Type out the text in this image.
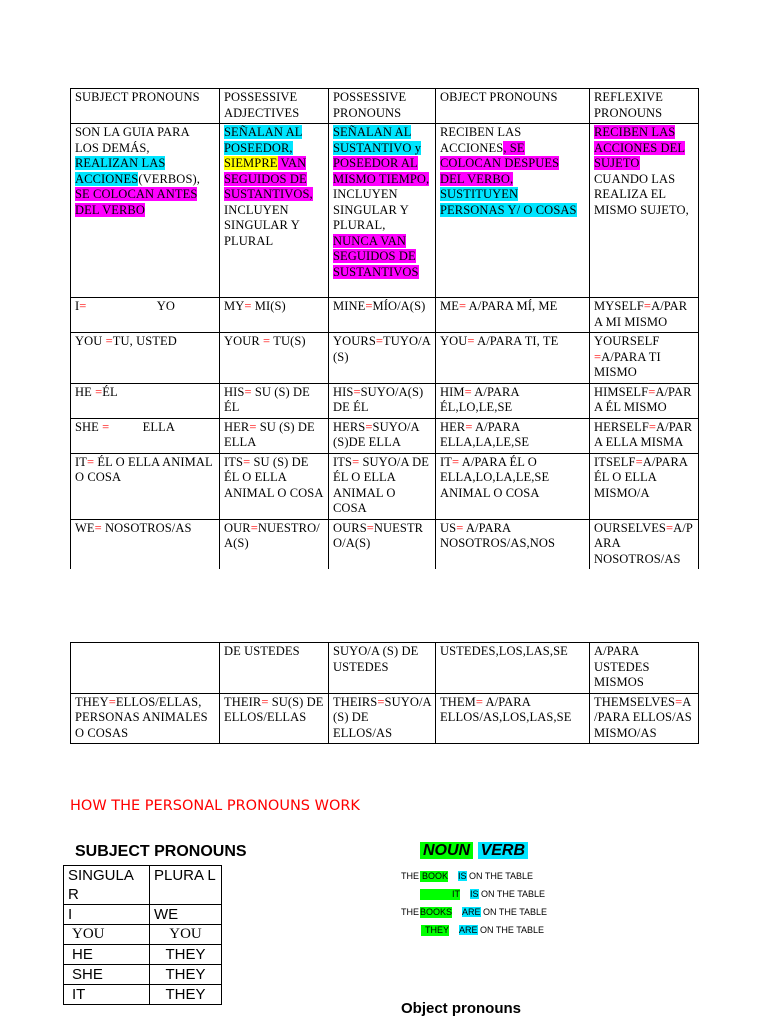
SUBJECT PRONOUNS	POSSESSIVE ADJECTIVES	POSSESSIVE PRONOUNS	OBJECT PRONOUNS	REFLEXIVE PRONOUNS
SON LA GUIA PARA LOS DEMÁS, REALIZAN LAS ACCIONES(VERBOS), SE COLOCAN ANTES DEL VERBO	SEÑALAN AL POSEEDOR, SIEMPRE VAN SEGUIDOS DE SUSTANTIVOS, INCLUYEN SINGULAR Y PLURAL	SEÑALAN AL SUSTANTIVO y POSEEDOR AL MISMO TIEMPO, INCLUYEN SINGULAR Y PLURAL, NUNCA VAN SEGUIDOS DE SUSTANTIVOS	RECIBEN LAS ACCIONES, SE COLOCAN DESPUES DEL VERBO, SUSTITUYEN PERSONAS Y/ O COSAS	RECIBEN LAS ACCIONES DEL SUJETO CUANDO LAS REALIZA EL MISMO SUJETO,
I= YO	MY= MI(S)	MINE=MÍO/A(S)	ME= A/PARA MÍ, ME	MYSELF=A/PARA MI MISMO
YOU =TU, USTED	YOUR = TU(S)	YOURS=TUYO/A(S)	YOU= A/PARA TI, TE	YOURSELF =A/PARA TI MISMO
HE =ÉL	HIS= SU (S) DE ÉL	HIS=SUYO/A(S) DE ÉL	HIM= A/PARA ÉL,LO,LE,SE	HIMSELF=A/PARA ÉL MISMO
SHE = ELLA	HER= SU (S) DE ELLA	HERS=SUYO/A (S)DE ELLA	HER= A/PARA ELLA,LA,LE,SE	HERSELF=A/PARA ELLA MISMA
IT= ÉL O ELLA ANIMAL O COSA	ITS= SU (S) DE ÉL O ELLA ANIMAL O COSA	ITS= SUYO/A DE ÉL O ELLA ANIMAL O COSA	IT= A/PARA ÉL O ELLA,LO,LA,LE,SE ANIMAL O COSA	ITSELF=A/PARA ÉL O ELLA MISMO/A
WE= NOSOTROS/AS	OUR=NUESTRO/A(S)	OURS=NUESTRO/A(S)	US= A/PARA NOSOTROS/AS,NOS	OURSELVES=A/PARA NOSOTROS/AS
	DE USTEDES	SUYO/A (S) DE USTEDES	USTEDES,LOS,LAS,SE	A/PARA USTEDES MISMOS
THEY=ELLOS/ELLAS, PERSONAS ANIMALES O COSAS	THEIR= SU(S) DE ELLOS/ELLAS	THEIRS=SUYO/A (S) DE ELLOS/AS	THEM= A/PARA ELLOS/AS,LOS,LAS,SE	THEMSELVES=A/PARA ELLOS/AS MISMO/AS
HOW THE PERSONAL PRONOUNS WORK
SUBJECT PRONOUNS
SINGULA R	PLURA L
I	WE
YOU	YOU
HE	THEY
SHE	THEY
IT	THEY
NOUN VERB
THEBOOK IS ON THE TABLE
IT IS ON THE TABLE
THEBOOKS ARE ON THE TABLE
THEY ARE ON THE TABLE
Object pronouns
